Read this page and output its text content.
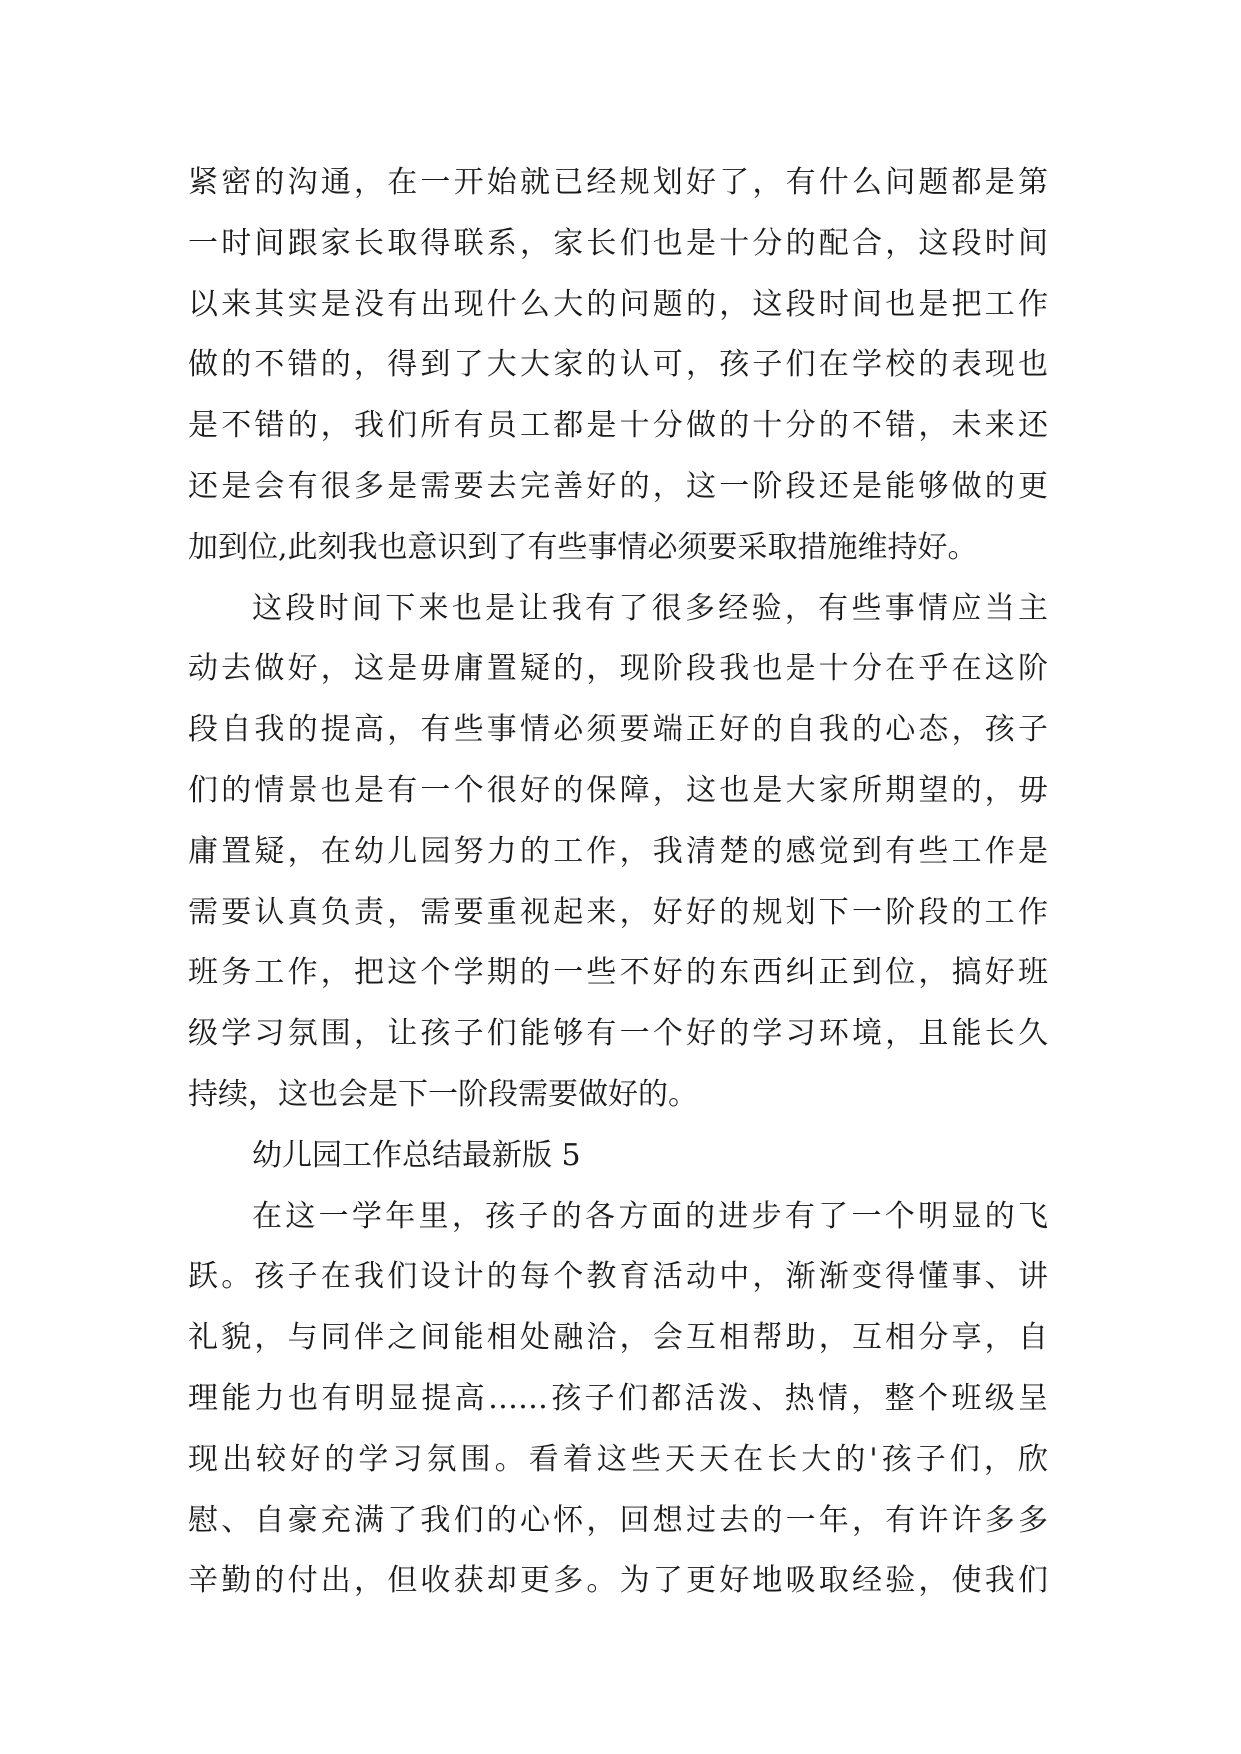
紧密的沟通，在一开始就已经规划好了，有什么问题都是第
一时间跟家长取得联系，家长们也是十分的配合，这段时间
以来其实是没有出现什么大的问题的，这段时间也是把工作
做的不错的，得到了大大家的认可，孩子们在学校的表现也
是不错的，我们所有员工都是十分做的十分的不错，未来还
还是会有很多是需要去完善好的，这一阶段还是能够做的更
加到位,此刻我也意识到了有些事情必须要采取措施维持好。
这段时间下来也是让我有了很多经验，有些事情应当主
动去做好，这是毋庸置疑的，现阶段我也是十分在乎在这阶
段自我的提高，有些事情必须要端正好的自我的心态，孩子
们的情景也是有一个很好的保障，这也是大家所期望的，毋
庸置疑，在幼儿园努力的工作，我清楚的感觉到有些工作是
需要认真负责，需要重视起来，好好的规划下一阶段的工作
班务工作，把这个学期的一些不好的东西纠正到位，搞好班
级学习氛围，让孩子们能够有一个好的学习环境，且能长久
持续，这也会是下一阶段需要做好的。
幼儿园工作总结最新版 5
在这一学年里，孩子的各方面的进步有了一个明显的飞
跃。孩子在我们设计的每个教育活动中，渐渐变得懂事、讲
礼貌，与同伴之间能相处融洽，会互相帮助，互相分享，自
理能力也有明显提高……孩子们都活泼、热情，整个班级呈
现出较好的学习氛围。看着这些天天在长大的'孩子们，欣
慰、自豪充满了我们的心怀，回想过去的一年，有许许多多
辛勤的付出，但收获却更多。为了更好地吸取经验，使我们
